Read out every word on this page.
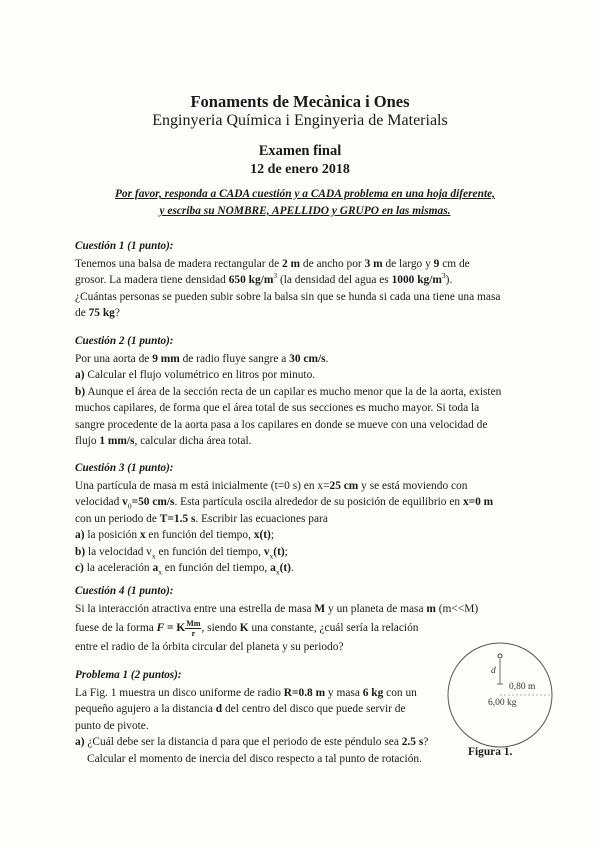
Fonaments de Mecànica i Ones
Enginyeria Química i Enginyeria de Materials
Examen final
12 de enero 2018
Por favor, responda a CADA cuestión y a CADA problema en una hoja diferente,
y escriba su NOMBRE, APELLIDO y GRUPO en las mismas.
Cuestión 1 (1 punto):
Tenemos una balsa de madera rectangular de 2 m de ancho por 3 m de largo y 9 cm de
grosor. La madera tiene densidad 650 $kg/m^3$ (la densidad del agua es 1000 $kg/m^3$).
¿Cuántas personas se pueden subir sobre la balsa sin que se hunda si cada una tiene una masa
de 75 kg?
Cuestión 2 (1 punto):
Por una aorta de 9 mm de radio fluye sangre a 30 cm/s.
a) Calcular el flujo volumétrico en litros por minuto.
b) Aunque el área de la sección recta de un capilar es mucho menor que la de la aorta, existen
muchos capilares, de forma que el área total de sus secciones es mucho mayor. Si toda la
sangre procedente de la aorta pasa a los capilares en donde se mueve con una velocidad de
flujo 1 mm/s, calcular dicha área total.
Cuestión 3 (1 punto):
Una partícula de masa m está inicialmente (t=0 s) en x=25 cm y se está moviendo con
velocidad $v_0=50$ cm/s. Esta partícula oscila alrededor de su posición de equilibrio en x=0 m
con un periodo de T=1.5 s. Escribir las ecuaciones para
a) la posición x en función del tiempo, x(t);
b) la velocidad $v_x$ en función del tiempo, $v_x(t)$;
c) la aceleración $a_x$ en función del tiempo, $a_x(t)$.
Cuestión 4 (1 punto):
Si la interacción atractiva entre una estrella de masa M y un planeta de masa m (m<<M)
fuese de la forma F = K $\frac{Mm}{r}$ , siendo K una constante, ¿cuál sería la relación
entre el radio de la órbita circular del planeta y su periodo?
Problema 1 (2 puntos):
La Fig. 1 muestra un disco uniforme de radio R=0.8 m y masa 6 kg con un
pequeño agujero a la distancia d del centro del disco que puede servir de
punto de pivote.
a) ¿Cuál debe ser la distancia d para que el periodo de este péndulo sea 2.5 s?
Calcular el momento de inercia del disco respecto a tal punto de rotación.
d
0,80 m
6,00 kg
Figura 1.
